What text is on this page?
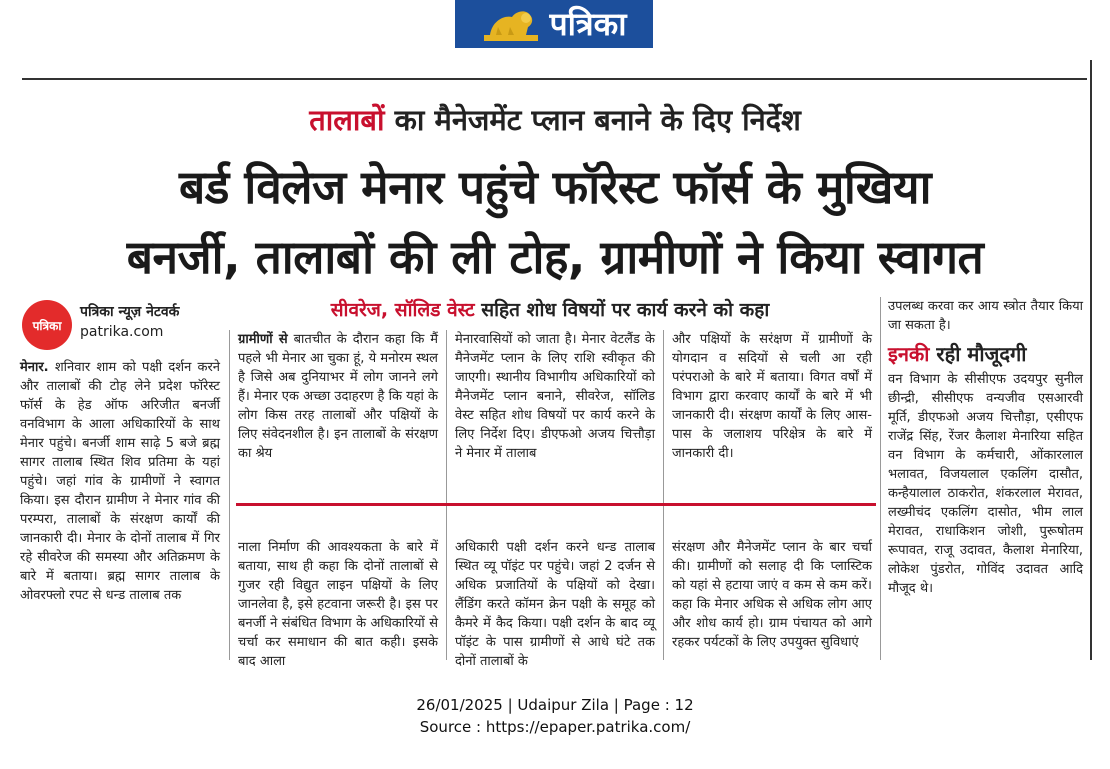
पत्रिका
तालाबों का मैनेजमेंट प्लान बनाने के दिए निर्देश
बर्ड विलेज मेनार पहुंचे फॉरेस्ट फॉर्स के मुखिया
बनर्जी, तालाबों की ली टोह, ग्रामीणों ने किया स्वागत
पत्रिका
पत्रिका न्यूज़ नेटवर्क
patrika.com
सीवरेज, सॉलिड वेस्ट सहित शोध विषयों पर कार्य करने को कहा

मेनार. शनिवार शाम को पक्षी दर्शन करने और तालाबों की टोह लेने प्रदेश फॉरेस्ट फॉर्स के हेड ऑफ अरिजीत बनर्जी वनविभाग के आला अधिकारियों के साथ मेनार पहुंचे। बनर्जी शाम साढ़े 5 बजे ब्रह्म सागर तालाब स्थित शिव प्रतिमा के यहां पहुंचे। जहां गांव के ग्रामीणों ने स्वागत किया। इस दौरान ग्रामीण ने मेनार गांव की परम्परा, तालाबों के संरक्षण कार्यों की जानकारी दी। मेनार के दोनों तालाब में गिर रहे सीवरेज की समस्या और अतिक्रमण के बारे में बताया। ब्रह्म सागर तालाब के ओवरफ्लो रपट से धन्ड तालाब तक

ग्रामीणों से बातचीत के दौरान कहा कि मैं पहले भी मेनार आ चुका हूं, ये मनोरम स्थल है जिसे अब दुनियाभर में लोग जानने लगे हैं। मेनार एक अच्छा उदाहरण है कि यहां के लोग किस तरह तालाबों और पक्षियों के लिए संवेदनशील है। इन तालाबों के संरक्षण का श्रेय

मेनारवासियों को जाता है। मेनार वेटलैंड के मैनेजमेंट प्लान के लिए राशि स्वीकृत की जाएगी। स्थानीय विभागीय अधिकारियों को मैनेजमेंट प्लान बनाने, सीवरेज, सॉलिड वेस्ट सहित शोध विषयों पर कार्य करने के लिए निर्देश दिए। डीएफओ अजय चित्तौड़ा ने मेनार में तालाब

और पक्षियों के सरंक्षण में ग्रामीणों के योगदान व सदियों से चली आ रही परंपराओ के बारे में बताया। विगत वर्षों में विभाग द्वारा करवाए कार्यों के बारे में भी जानकारी दी। संरक्षण कार्यों के लिए आस-पास के जलाशय परिक्षेत्र के बारे में जानकारी दी।

नाला निर्माण की आवश्यकता के बारे में बताया, साथ ही कहा कि दोनों तालाबों से गुजर रही विद्युत लाइन पक्षियों के लिए जानलेवा है, इसे हटवाना जरूरी है। इस पर बनर्जी ने संबंधित विभाग के अधिकारियों से चर्चा कर समाधान की बात कही। इसके बाद आला

अधिकारी पक्षी दर्शन करने धन्ड तालाब स्थित व्यू पॉइंट पर पहुंचे। जहां 2 दर्जन से अधिक प्रजातियों के पक्षियों को देखा। लैंडिंग करते कॉमन क्रेन पक्षी के समूह को कैमरे में कैद किया। पक्षी दर्शन के बाद व्यू पॉइंट के पास ग्रामीणों से आधे घंटे तक दोनों तालाबों के

संरक्षण और मैनेजमेंट प्लान के बार चर्चा की। ग्रामीणों को सलाह दी कि प्लास्टिक को यहां से हटाया जाएं व कम से कम करें। कहा कि मेनार अधिक से अधिक लोग आए और शोध कार्य हो। ग्राम पंचायत को आगे रहकर पर्यटकों के लिए उपयुक्त सुविधाएं

उपलब्ध करवा कर आय स्त्रोत तैयार किया जा सकता है।

इनकी रही मौजूदगी

वन विभाग के सीसीएफ उदयपुर सुनील छीन्द्री, सीसीएफ वन्यजीव एसआरवी मूर्ति, डीएफओ अजय चित्तौड़ा, एसीएफ राजेंद्र सिंह, रेंजर कैलाश मेनारिया सहित वन विभाग के कर्मचारी, ओंकारलाल भलावत, विजयलाल एकलिंग दासौत, कन्हैयालाल ठाकरोत, शंकरलाल मेरावत, लख्मीचंद एकलिंग दासोत, भीम लाल मेरावत, राधाकिशन जोशी, पुरूषोतम रूपावत, राजू उदावत, कैलाश मेनारिया, लोकेश पुंडरोत, गोविंद उदावत आदि मौजूद थे।

26/01/2025 | Udaipur Zila | Page : 12
Source : https://epaper.patrika.com/
